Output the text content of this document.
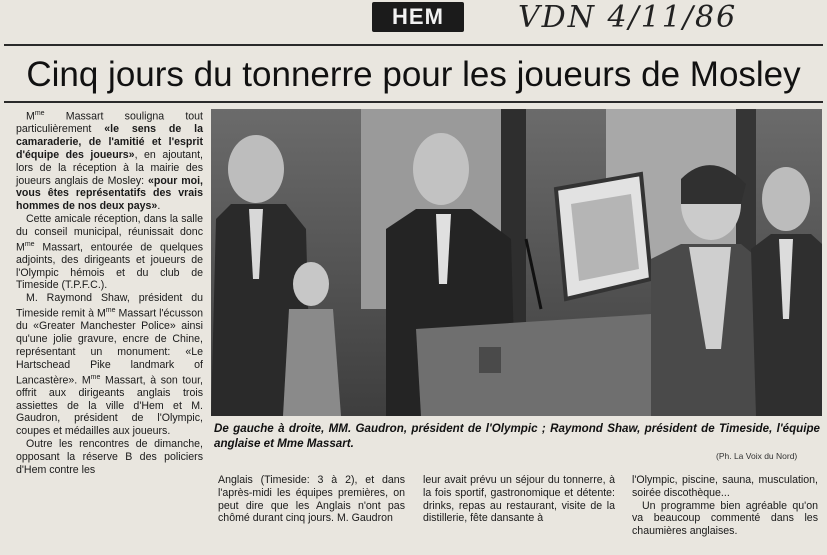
HEM	VDN 4/11/86
Cinq jours du tonnerre pour les joueurs de Mosley

$M^{me}$ Massart souligna tout particulièrement «le sens de la camaraderie, de l'amitié et l'esprit d'équipe des joueurs», en ajoutant, lors de la réception à la mairie des joueurs anglais de Mosley: «pour moi, vous êtes représentatifs des vrais hommes de nos deux pays».

Cette amicale réception, dans la salle du conseil municipal, réunissait donc $M^{me}$ Massart, entourée de quelques adjoints, des dirigeants et joueurs de l'Olympic hémois et du club de Timeside (T.P.F.C.).

M. Raymond Shaw, président du Timeside remit à $M^{me}$ Massart l'écusson du «Greater Manchester Police» ainsi qu'une jolie gravure, encre de Chine, représentant un monument: «Le Hartschead Pike landmark of Lancastère». $M^{me}$ Massart, à son tour, offrit aux dirigeants anglais trois assiettes de la ville d'Hem et M. Gaudron, président de l'Olympic, coupes et médailles aux joueurs.

Outre les rencontres de dimanche, opposant la réserve B des policiers d'Hem contre les

De gauche à droite, MM. Gaudron, président de l'Olympic ; Raymond Shaw, président de Timeside, l'équipe anglaise et Mme Massart.
(Ph. La Voix du Nord)

Anglais (Timeside: 3 à 2), et dans l'après-midi les équipes premières, on peut dire que les Anglais n'ont pas chômé durant cinq jours. M. Gaudron

leur avait prévu un séjour du tonnerre, à la fois sportif, gastronomique et détente: drinks, repas au restaurant, visite de la distillerie, fête dansante à

l'Olympic, piscine, sauna, musculation, soirée discothèque...

Un programme bien agréable qu'on va beaucoup commenté dans les chaumières anglaises.
